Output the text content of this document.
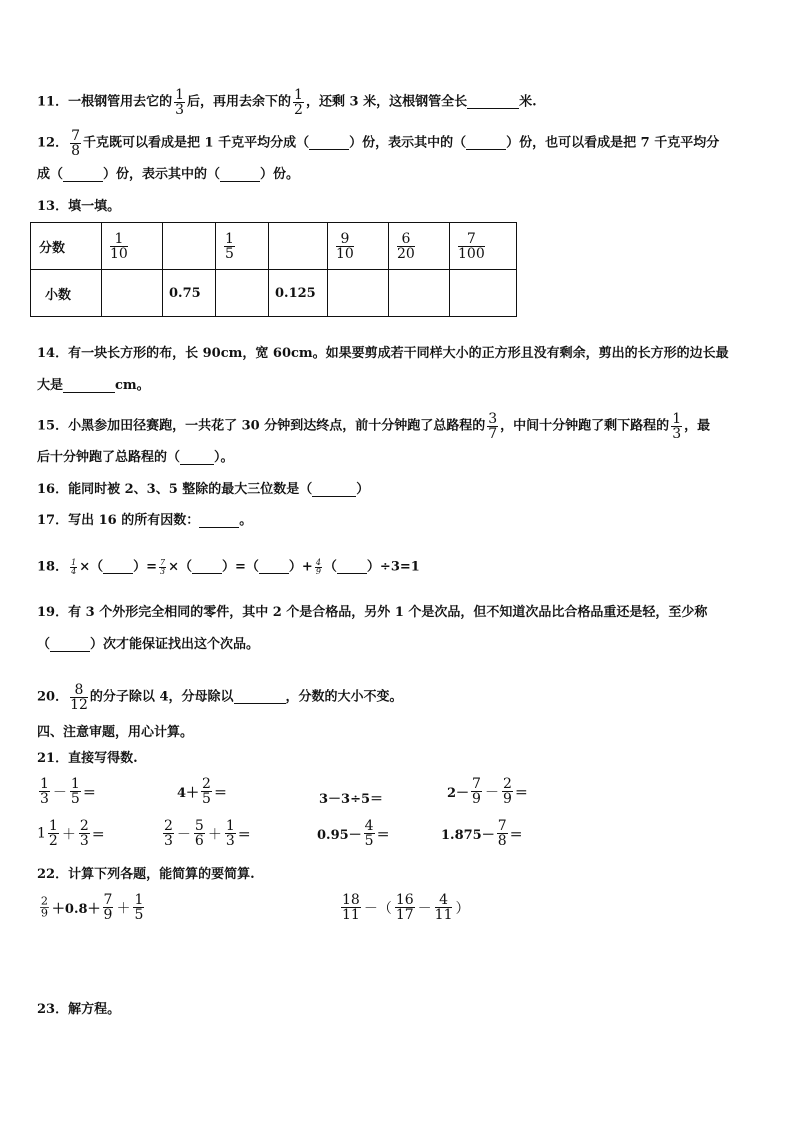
11．一根钢管用去它的 $\frac{1}{3}$ 后，再用去余下的 $\frac{1}{2}$ ，还剩 3 米，这根钢管全长	米.
12． $\frac{7}{8}$ 千克既可以看成是把 1 千克平均分成（	）份，表示其中的（	）份，也可以看成是把 7 千克平均分
成（	）份，表示其中的（	）份。
13．填一填。
分数	$\frac{1}{10}$		$\frac{1}{5}$		$\frac{9}{10}$	$\frac{6}{20}$	$\frac{7}{100}$

小数		0.75		0.125			
14．有一块长方形的布，长 90cm，宽 60cm。如果要剪成若干同样大小的正方形且没有剩余，剪出的长方形的边长最
大是	cm。
15．小黑参加田径赛跑，一共花了 30 分钟到达终点，前十分钟跑了总路程的 $\frac{3}{7}$ ，中间十分钟跑了剩下路程的 $\frac{1}{3}$ ，最
后十分钟跑了总路程的（	）。
16．能同时被 2、3、5 整除的最大三位数是（	）
17．写出 16 的所有因数：	。
18． $\frac{1}{4}$ ×（ ）= $\frac{7}{3}$ ×（ ）=（ ）+ $\frac{4}{9}$ （ ）÷3=1
19．有 3 个外形完全相同的零件，其中 2 个是合格品，另外 1 个是次品，但不知道次品比合格品重还是轻，至少称
（	）次才能保证找出这个次品。
20． $\frac{8}{12}$ 的分子除以 4，分母除以	，分数的大小不变。
四、注意审题，用心计算。
21．直接写得数.
$\frac{1}{3} - \frac{1}{5}$ ＝	$4+ \frac{2}{5}$ ＝	3－3÷5＝	$2- \frac{7}{9} - \frac{2}{9}$ ＝
$1 \frac{1}{2} + \frac{2}{3}$ ＝	$\frac{2}{3} - \frac{5}{6} + \frac{1}{3}$ ＝	$0.95- \frac{4}{5}$ ＝	$1.875- \frac{7}{8}$ ＝
22．计算下列各题，能简算的要简算.
$\frac{2}{9} +0.8+ \frac{7}{9} + \frac{1}{5}$	$\frac{18}{11}$ －（ $\frac{16}{17} - \frac{4}{11}$ ）
23．解方程。
